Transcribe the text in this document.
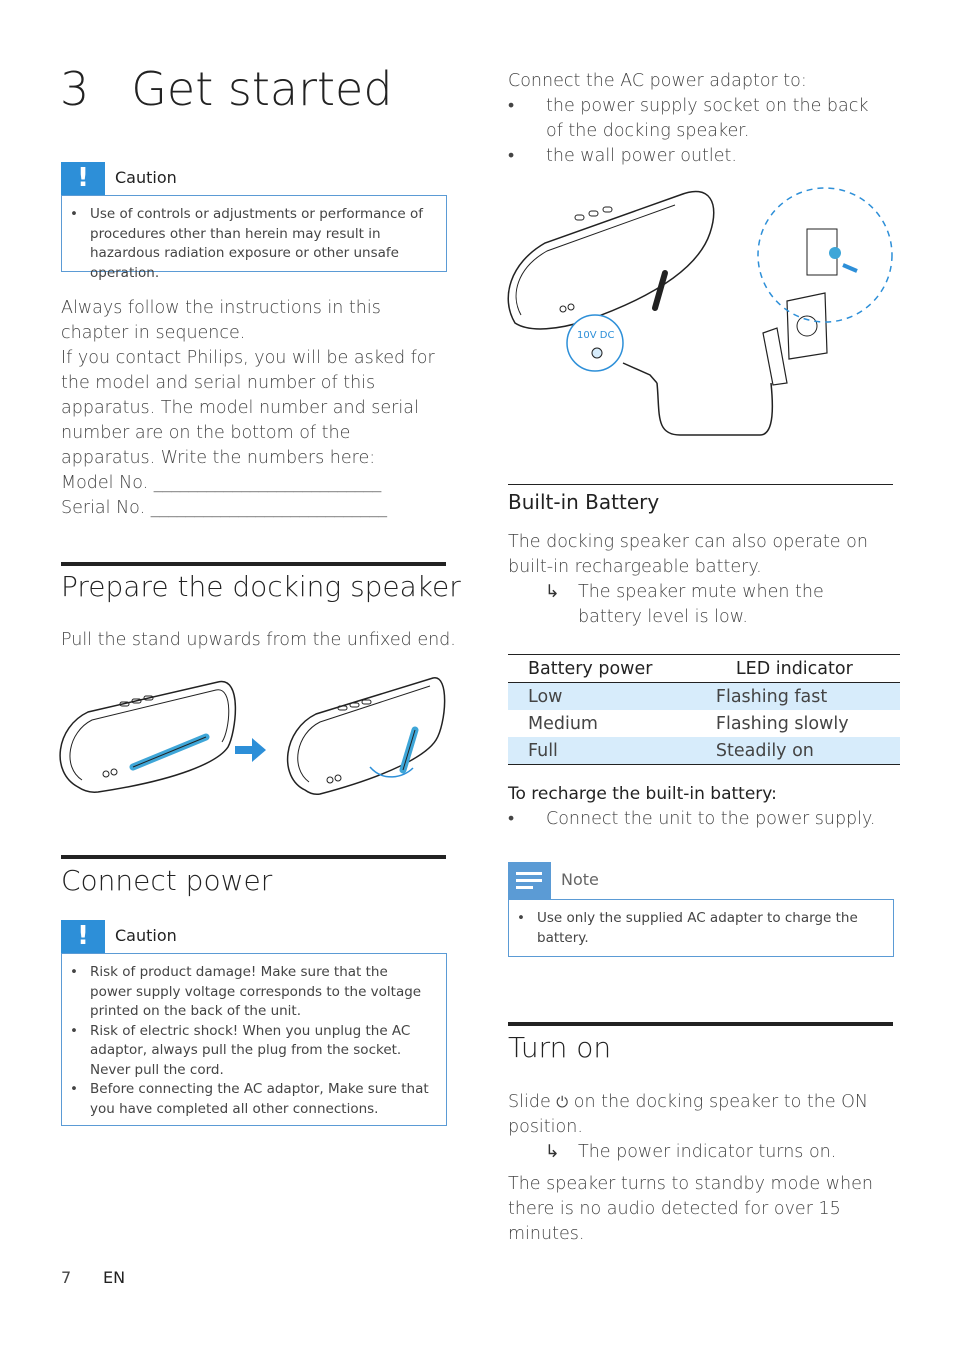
3 Get started
!	Caution
• Use of controls or adjustments or performance of procedures other than herein may result in hazardous radiation exposure or other unsafe operation.
Always follow the instructions in this chapter in sequence.
If you contact Philips, you will be asked for the model and serial number of this apparatus. The model number and serial number are on the bottom of the apparatus. Write the numbers here:
Model No. __________________________
Serial No. ___________________________
Prepare the docking speaker
Pull the stand upwards from the unfixed end.
Connect power
!	Caution
• Risk of product damage! Make sure that the power supply voltage corresponds to the voltage printed on the back of the unit.
• Risk of electric shock! When you unplug the AC adaptor, always pull the plug from the socket. Never pull the cord.
• Before connecting the AC adaptor, Make sure that you have completed all other connections.
7 EN
Connect the AC power adaptor to:
• the power supply socket on the back of the docking speaker.
• the wall power outlet.
10V DC
Built-in Battery
The docking speaker can also operate on built-in rechargeable battery.
↳	The speaker mute when the battery level is low.
Battery power	LED indicator
Low	Flashing fast
Medium	Flashing slowly
Full	Steadily on
To recharge the built-in battery:
• Connect the unit to the power supply.
Note
• Use only the supplied AC adapter to charge the battery.
Turn on
Slide ⏻ on the docking speaker to the ON position.
↳	The power indicator turns on.
The speaker turns to standby mode when there is no audio detected for over 15 minutes.
